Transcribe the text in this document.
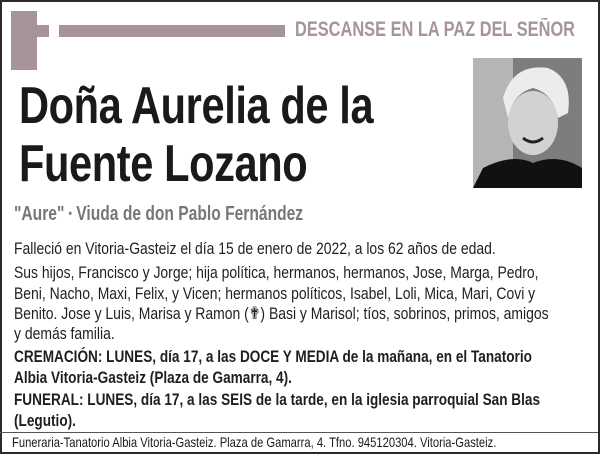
DESCANSE EN LA PAZ DEL SEÑOR
Doña Aurelia de la
Fuente Lozano
"Aure" • Viuda de don Pablo Fernández
Falleció en Vitoria-Gasteiz el día 15 de enero de 2022, a los 62 años de edad.
Sus hijos, Francisco y Jorge; hija política, hermanos, hermanos, Jose, Marga, Pedro,
Beni, Nacho, Maxi, Felix, y Vicen; hermanos políticos, Isabel, Loli, Mica, Mari, Covi y
Benito. Jose y Luis, Marisa y Ramon (✟) Basi y Marisol; tíos, sobrinos, primos, amigos
y demás familia.
CREMACIÓN: LUNES, día 17, a las DOCE Y MEDIA de la mañana, en el Tanatorio
Albia Vitoria-Gasteiz (Plaza de Gamarra, 4).
FUNERAL: LUNES, día 17, a las SEIS de la tarde, en la iglesia parroquial San Blas
(Legutio).
Funeraria-Tanatorio Albia Vitoria-Gasteiz. Plaza de Gamarra, 4. Tfno. 945120304. Vitoria-Gasteiz.
